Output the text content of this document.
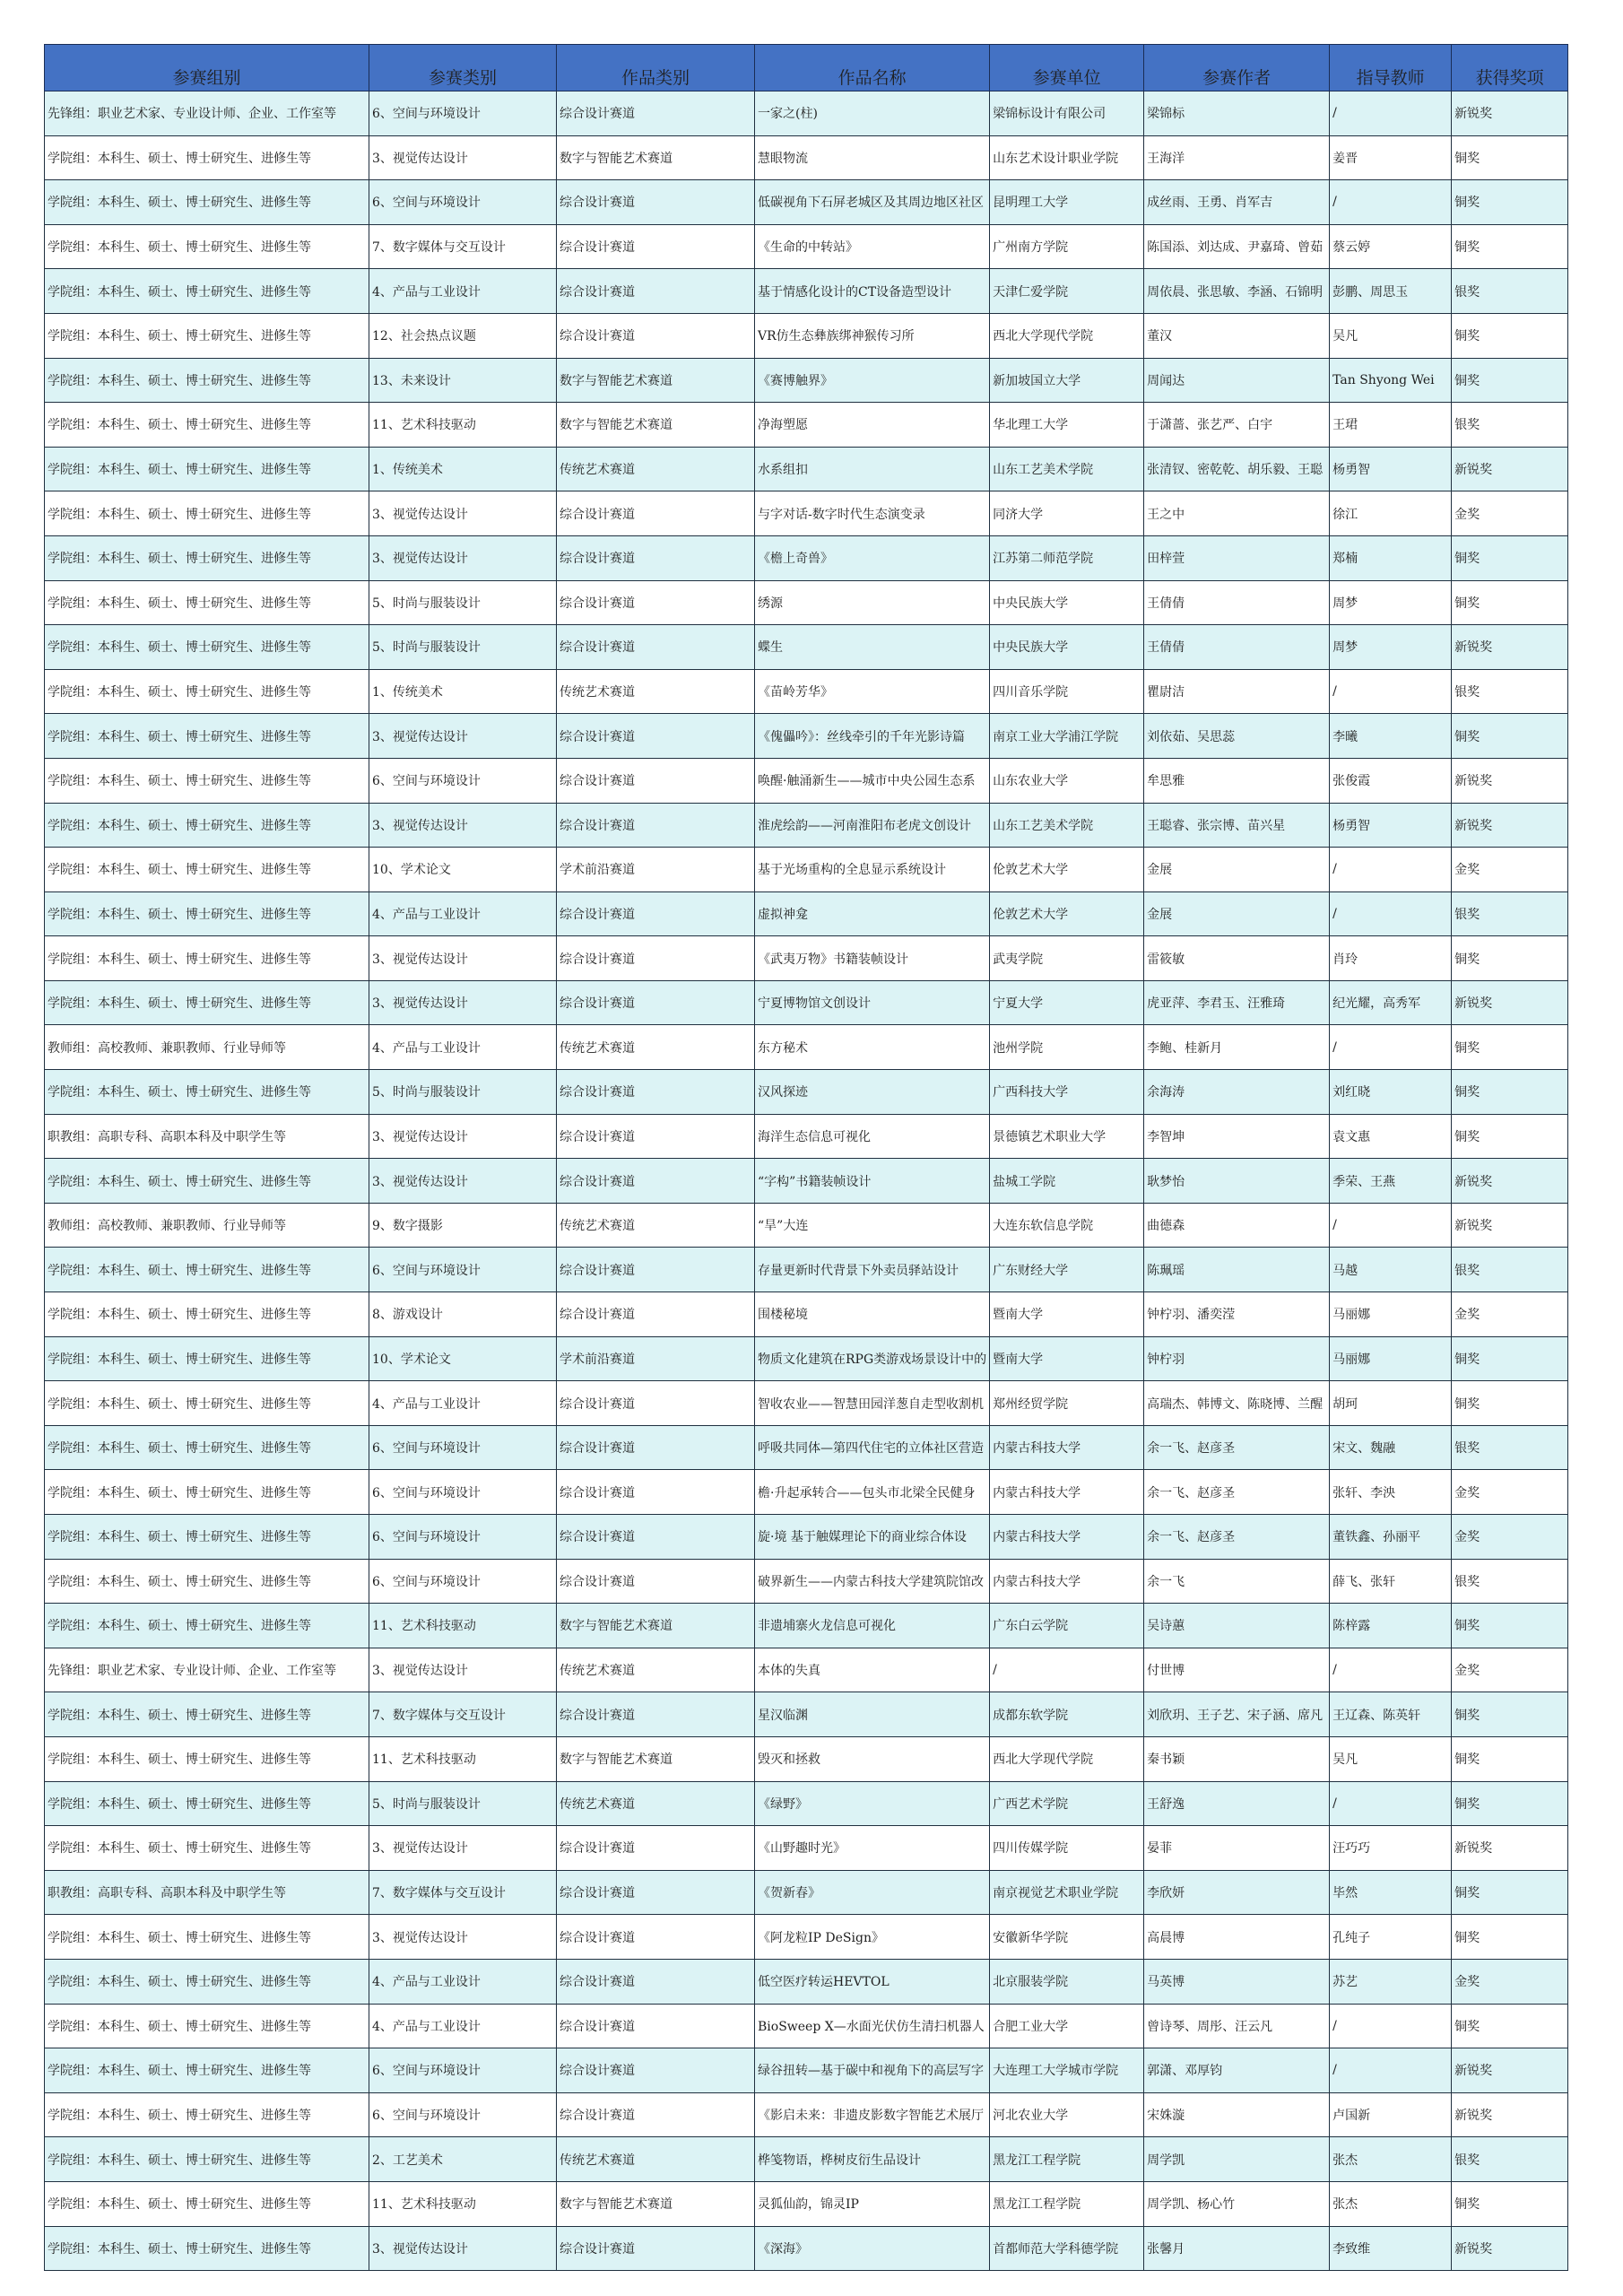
参赛组别	参赛类别	作品类别	作品名称	参赛单位	参赛作者	指导教师	获得奖项
先锋组：职业艺术家、专业设计师、企业、工作室等	6、空间与环境设计	综合设计赛道	一家之(柱)	梁锦标设计有限公司	梁锦标	/	新锐奖
学院组：本科生、硕士、博士研究生、进修生等	3、视觉传达设计	数字与智能艺术赛道	慧眼物流	山东艺术设计职业学院	王海洋	姜晋	铜奖
学院组：本科生、硕士、博士研究生、进修生等	6、空间与环境设计	综合设计赛道	低碳视角下石屏老城区及其周边地区社区	昆明理工大学	成丝雨、王勇、肖军吉	/	铜奖
学院组：本科生、硕士、博士研究生、进修生等	7、数字媒体与交互设计	综合设计赛道	《生命的中转站》	广州南方学院	陈国添、刘达成、尹嘉琦、曾茹	蔡云婷	铜奖
学院组：本科生、硕士、博士研究生、进修生等	4、产品与工业设计	综合设计赛道	基于情感化设计的CT设备造型设计	天津仁爱学院	周依晨、张思敏、李涵、石锦明	彭鹏、周思玉	银奖
学院组：本科生、硕士、博士研究生、进修生等	12、社会热点议题	综合设计赛道	VR仿生态彝族绑神猴传习所	西北大学现代学院	董汉	吴凡	铜奖
学院组：本科生、硕士、博士研究生、进修生等	13、未来设计	数字与智能艺术赛道	《赛博触界》	新加坡国立大学	周闻达	Tan Shyong Wei	铜奖
学院组：本科生、硕士、博士研究生、进修生等	11、艺术科技驱动	数字与智能艺术赛道	净海塑愿	华北理工大学	于潇蔷、张艺严、白宇	王珺	银奖
学院组：本科生、硕士、博士研究生、进修生等	1、传统美术	传统艺术赛道	水系组扣	山东工艺美术学院	张清钗、密乾乾、胡乐毅、王聪	杨勇智	新锐奖
学院组：本科生、硕士、博士研究生、进修生等	3、视觉传达设计	综合设计赛道	与字对话-数字时代生态演变录	同济大学	王之中	徐江	金奖
学院组：本科生、硕士、博士研究生、进修生等	3、视觉传达设计	综合设计赛道	《檐上奇兽》	江苏第二师范学院	田梓萱	郑楠	铜奖
学院组：本科生、硕士、博士研究生、进修生等	5、时尚与服装设计	综合设计赛道	绣源	中央民族大学	王倩倩	周梦	铜奖
学院组：本科生、硕士、博士研究生、进修生等	5、时尚与服装设计	综合设计赛道	蝶生	中央民族大学	王倩倩	周梦	新锐奖
学院组：本科生、硕士、博士研究生、进修生等	1、传统美术	传统艺术赛道	《苗岭芳华》	四川音乐学院	瞿尉洁	/	银奖
学院组：本科生、硕士、博士研究生、进修生等	3、视觉传达设计	综合设计赛道	《傀儡吟》：丝线牵引的千年光影诗篇	南京工业大学浦江学院	刘依茹、吴思蕊	李曦	铜奖
学院组：本科生、硕士、博士研究生、进修生等	6、空间与环境设计	综合设计赛道	唤醒·触涌新生——城市中央公园生态系	山东农业大学	牟思雅	张俊霞	新锐奖
学院组：本科生、硕士、博士研究生、进修生等	3、视觉传达设计	综合设计赛道	淮虎绘韵——河南淮阳布老虎文创设计	山东工艺美术学院	王聪睿、张宗博、苗兴星	杨勇智	新锐奖
学院组：本科生、硕士、博士研究生、进修生等	10、学术论文	学术前沿赛道	基于光场重构的全息显示系统设计	伦敦艺术大学	金展	/	金奖
学院组：本科生、硕士、博士研究生、进修生等	4、产品与工业设计	综合设计赛道	虚拟神龛	伦敦艺术大学	金展	/	银奖
学院组：本科生、硕士、博士研究生、进修生等	3、视觉传达设计	综合设计赛道	《武夷万物》书籍装帧设计	武夷学院	雷筱敏	肖玲	铜奖
学院组：本科生、硕士、博士研究生、进修生等	3、视觉传达设计	综合设计赛道	宁夏博物馆文创设计	宁夏大学	虎亚萍、李君玉、汪雅琦	纪光耀，高秀军	新锐奖
教师组：高校教师、兼职教师、行业导师等	4、产品与工业设计	传统艺术赛道	东方秘术	池州学院	李鲍、桂新月	/	铜奖
学院组：本科生、硕士、博士研究生、进修生等	5、时尚与服装设计	综合设计赛道	汉风探迹	广西科技大学	余海涛	刘红晓	铜奖
职教组：高职专科、高职本科及中职学生等	3、视觉传达设计	综合设计赛道	海洋生态信息可视化	景德镇艺术职业大学	李智坤	袁文惠	铜奖
学院组：本科生、硕士、博士研究生、进修生等	3、视觉传达设计	综合设计赛道	“字构”书籍装帧设计	盐城工学院	耿梦怡	季荣、王燕	新锐奖
教师组：高校教师、兼职教师、行业导师等	9、数字摄影	传统艺术赛道	“旱”大连	大连东软信息学院	曲德森	/	新锐奖
学院组：本科生、硕士、博士研究生、进修生等	6、空间与环境设计	综合设计赛道	存量更新时代背景下外卖员驿站设计	广东财经大学	陈珮瑶	马越	银奖
学院组：本科生、硕士、博士研究生、进修生等	8、游戏设计	综合设计赛道	围楼秘境	暨南大学	钟柠羽、潘奕滢	马丽娜	金奖
学院组：本科生、硕士、博士研究生、进修生等	10、学术论文	学术前沿赛道	物质文化建筑在RPG类游戏场景设计中的	暨南大学	钟柠羽	马丽娜	铜奖
学院组：本科生、硕士、博士研究生、进修生等	4、产品与工业设计	综合设计赛道	智收农业——智慧田园洋葱自走型收割机	郑州经贸学院	高瑞杰、韩博文、陈晓博、兰醒	胡珂	铜奖
学院组：本科生、硕士、博士研究生、进修生等	6、空间与环境设计	综合设计赛道	呼吸共同体—第四代住宅的立体社区营造	内蒙古科技大学	余一飞、赵彦圣	宋文、魏融	银奖
学院组：本科生、硕士、博士研究生、进修生等	6、空间与环境设计	综合设计赛道	檐·升起承转合——包头市北梁全民健身	内蒙古科技大学	余一飞、赵彦圣	张轩、李泱	金奖
学院组：本科生、硕士、博士研究生、进修生等	6、空间与环境设计	综合设计赛道	旋·境 基于触媒理论下的商业综合体设	内蒙古科技大学	余一飞、赵彦圣	董铁鑫、孙丽平	金奖
学院组：本科生、硕士、博士研究生、进修生等	6、空间与环境设计	综合设计赛道	破界新生——内蒙古科技大学建筑院馆改	内蒙古科技大学	余一飞	薛飞、张轩	银奖
学院组：本科生、硕士、博士研究生、进修生等	11、艺术科技驱动	数字与智能艺术赛道	非遗埔寨火龙信息可视化	广东白云学院	吴诗蕙	陈梓露	铜奖
先锋组：职业艺术家、专业设计师、企业、工作室等	3、视觉传达设计	传统艺术赛道	本体的失真	/	付世博	/	金奖
学院组：本科生、硕士、博士研究生、进修生等	7、数字媒体与交互设计	综合设计赛道	星汉临渊	成都东软学院	刘欣玥、王子艺、宋子涵、席凡	王辽森、陈英轩	铜奖
学院组：本科生、硕士、博士研究生、进修生等	11、艺术科技驱动	数字与智能艺术赛道	毁灭和拯救	西北大学现代学院	秦书颖	吴凡	铜奖
学院组：本科生、硕士、博士研究生、进修生等	5、时尚与服装设计	传统艺术赛道	《绿野》	广西艺术学院	王舒逸	/	铜奖
学院组：本科生、硕士、博士研究生、进修生等	3、视觉传达设计	综合设计赛道	《山野趣时光》	四川传媒学院	晏菲	汪巧巧	新锐奖
职教组：高职专科、高职本科及中职学生等	7、数字媒体与交互设计	综合设计赛道	《贺新春》	南京视觉艺术职业学院	李欣妍	毕然	铜奖
学院组：本科生、硕士、博士研究生、进修生等	3、视觉传达设计	综合设计赛道	《阿龙粒IP DeSign》	安徽新华学院	高晨博	孔纯子	铜奖
学院组：本科生、硕士、博士研究生、进修生等	4、产品与工业设计	综合设计赛道	低空医疗转运HEVTOL	北京服装学院	马英博	苏艺	金奖
学院组：本科生、硕士、博士研究生、进修生等	4、产品与工业设计	综合设计赛道	BioSweep X—水面光伏仿生清扫机器人	合肥工业大学	曾诗琴、周彤、汪云凡	/	铜奖
学院组：本科生、硕士、博士研究生、进修生等	6、空间与环境设计	综合设计赛道	绿谷扭转—基于碳中和视角下的高层写字	大连理工大学城市学院	郭潇、邓厚钧	/	新锐奖
学院组：本科生、硕士、博士研究生、进修生等	6、空间与环境设计	综合设计赛道	《影启未来：非遗皮影数字智能艺术展厅	河北农业大学	宋姝漩	卢国新	新锐奖
学院组：本科生、硕士、博士研究生、进修生等	2、工艺美术	传统艺术赛道	桦笺物语，桦树皮衍生品设计	黑龙江工程学院	周学凯	张杰	银奖
学院组：本科生、硕士、博士研究生、进修生等	11、艺术科技驱动	数字与智能艺术赛道	灵狐仙韵，锦灵IP	黑龙江工程学院	周学凯、杨心竹	张杰	铜奖
学院组：本科生、硕士、博士研究生、进修生等	3、视觉传达设计	综合设计赛道	《深海》	首都师范大学科德学院	张馨月	李致维	新锐奖
